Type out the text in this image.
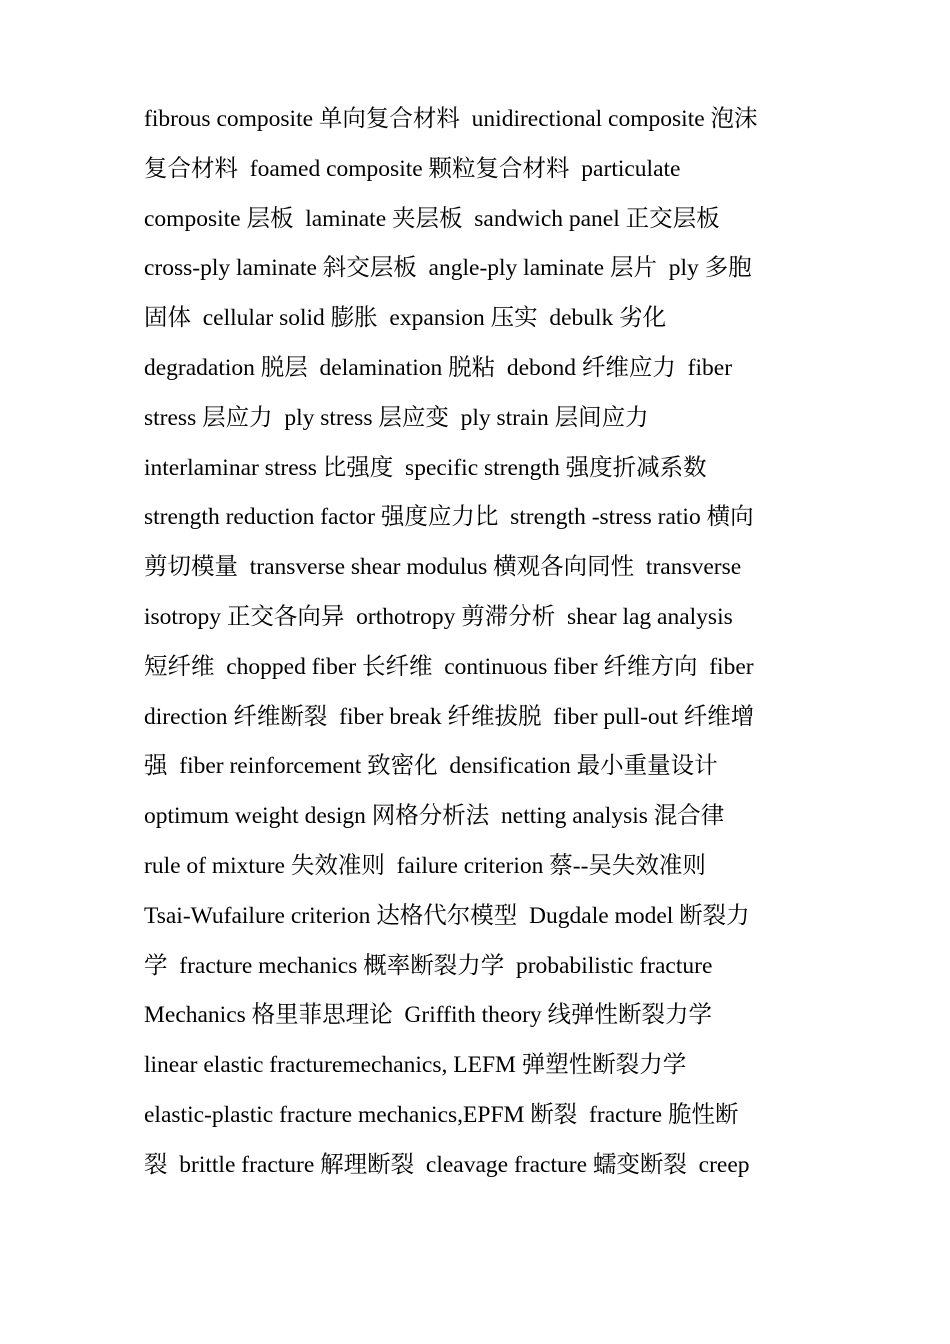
fibrous composite 单向复合材料  unidirectional composite 泡沫
复合材料  foamed composite 颗粒复合材料  particulate
composite 层板  laminate 夹层板  sandwich panel 正交层板
cross-ply laminate 斜交层板  angle-ply laminate 层片  ply 多胞
固体  cellular solid 膨胀  expansion 压实  debulk 劣化
degradation 脱层  delamination 脱粘  debond 纤维应力  fiber
stress 层应力  ply stress 层应变  ply strain 层间应力
interlaminar stress 比强度  specific strength 强度折减系数
strength reduction factor 强度应力比  strength -stress ratio 横向
剪切模量  transverse shear modulus 横观各向同性  transverse
isotropy 正交各向异  orthotropy 剪滞分析  shear lag analysis
短纤维  chopped fiber 长纤维  continuous fiber 纤维方向  fiber
direction 纤维断裂  fiber break 纤维拔脱  fiber pull-out 纤维增
强  fiber reinforcement 致密化  densification 最小重量设计
optimum weight design 网格分析法  netting analysis 混合律
rule of mixture 失效准则  failure criterion 蔡--吴失效准则
Tsai-Wufailure criterion 达格代尔模型  Dugdale model 断裂力
学  fracture mechanics 概率断裂力学  probabilistic fracture
Mechanics 格里菲思理论  Griffith theory 线弹性断裂力学
linear elastic fracturemechanics, LEFM 弹塑性断裂力学
elastic-plastic fracture mechanics,EPFM 断裂  fracture 脆性断
裂  brittle fracture 解理断裂  cleavage fracture 蠕变断裂  creep
